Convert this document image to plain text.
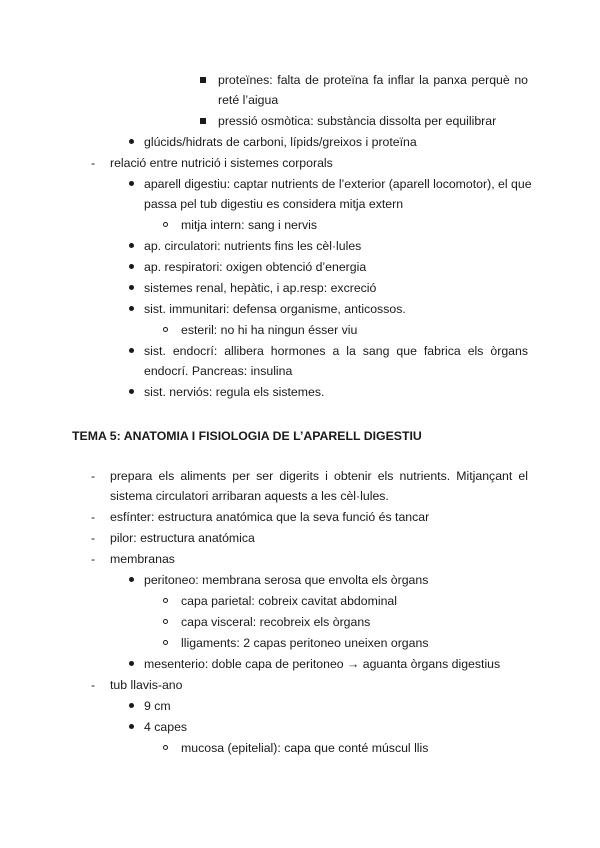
proteïnes: falta de proteïna fa inflar la panxa perquè no
reté l’aigua
pressió osmòtica: substància dissolta per equilibrar
glúcids/hidrats de carboni, lípids/greixos i proteïna
- relació entre nutrició i sistemes corporals
aparell digestiu: captar nutrients de l’exterior (aparell locomotor), el que
passa pel tub digestiu es considera mitja extern
mitja intern: sang i nervis
ap. circulatori: nutrients fins les cèl·lules
ap. respiratori: oxigen obtenció d’energia
sistemes renal, hepàtic, i ap.resp: excreció
sist. immunitari: defensa organisme, anticossos.
esteril: no hi ha ningun ésser viu
sist. endocrí: allibera hormones a la sang que fabrica els òrgans
endocrí. Pancreas: insulina
sist. nerviós: regula els sistemes.
TEMA 5: ANATOMIA I FISIOLOGIA DE L’APARELL DIGESTIU
- prepara els aliments per ser digerits i obtenir els nutrients. Mitjançant el
sistema circulatori arribaran aquests a les cèl·lules.
- esfínter: estructura anatómica que la seva funció és tancar
- pilor: estructura anatómica
- membranas
peritoneo: membrana serosa que envolta els òrgans
capa parietal: cobreix cavitat abdominal
capa visceral: recobreix els òrgans
lligaments: 2 capas peritoneo uneixen organs
mesenterio: doble capa de peritoneo → aguanta òrgans digestius
- tub llavis-ano
9 cm
4 capes
mucosa (epitelial): capa que conté múscul llis
